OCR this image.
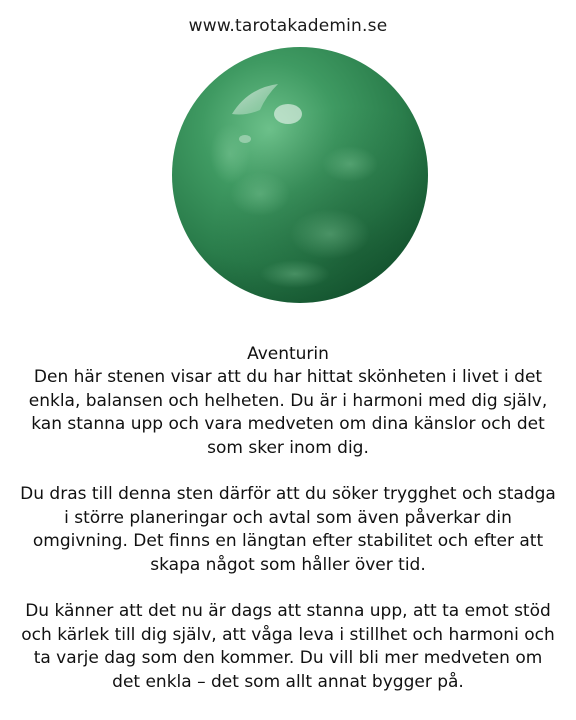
www.tarotakademin.se
Aventurin

Den här stenen visar att du har hittat skönheten i livet i det enkla, balansen och helheten. Du är i harmoni med dig själv, kan stanna upp och vara medveten om dina känslor och det som sker inom dig.

Du dras till denna sten därför att du söker trygghet och stadga i större planeringar och avtal som även påverkar din omgivning. Det finns en längtan efter stabilitet och efter att skapa något som håller över tid.

Du känner att det nu är dags att stanna upp, att ta emot stöd och kärlek till dig själv, att våga leva i stillhet och harmoni och ta varje dag som den kommer. Du vill bli mer medveten om det enkla – det som allt annat bygger på.
